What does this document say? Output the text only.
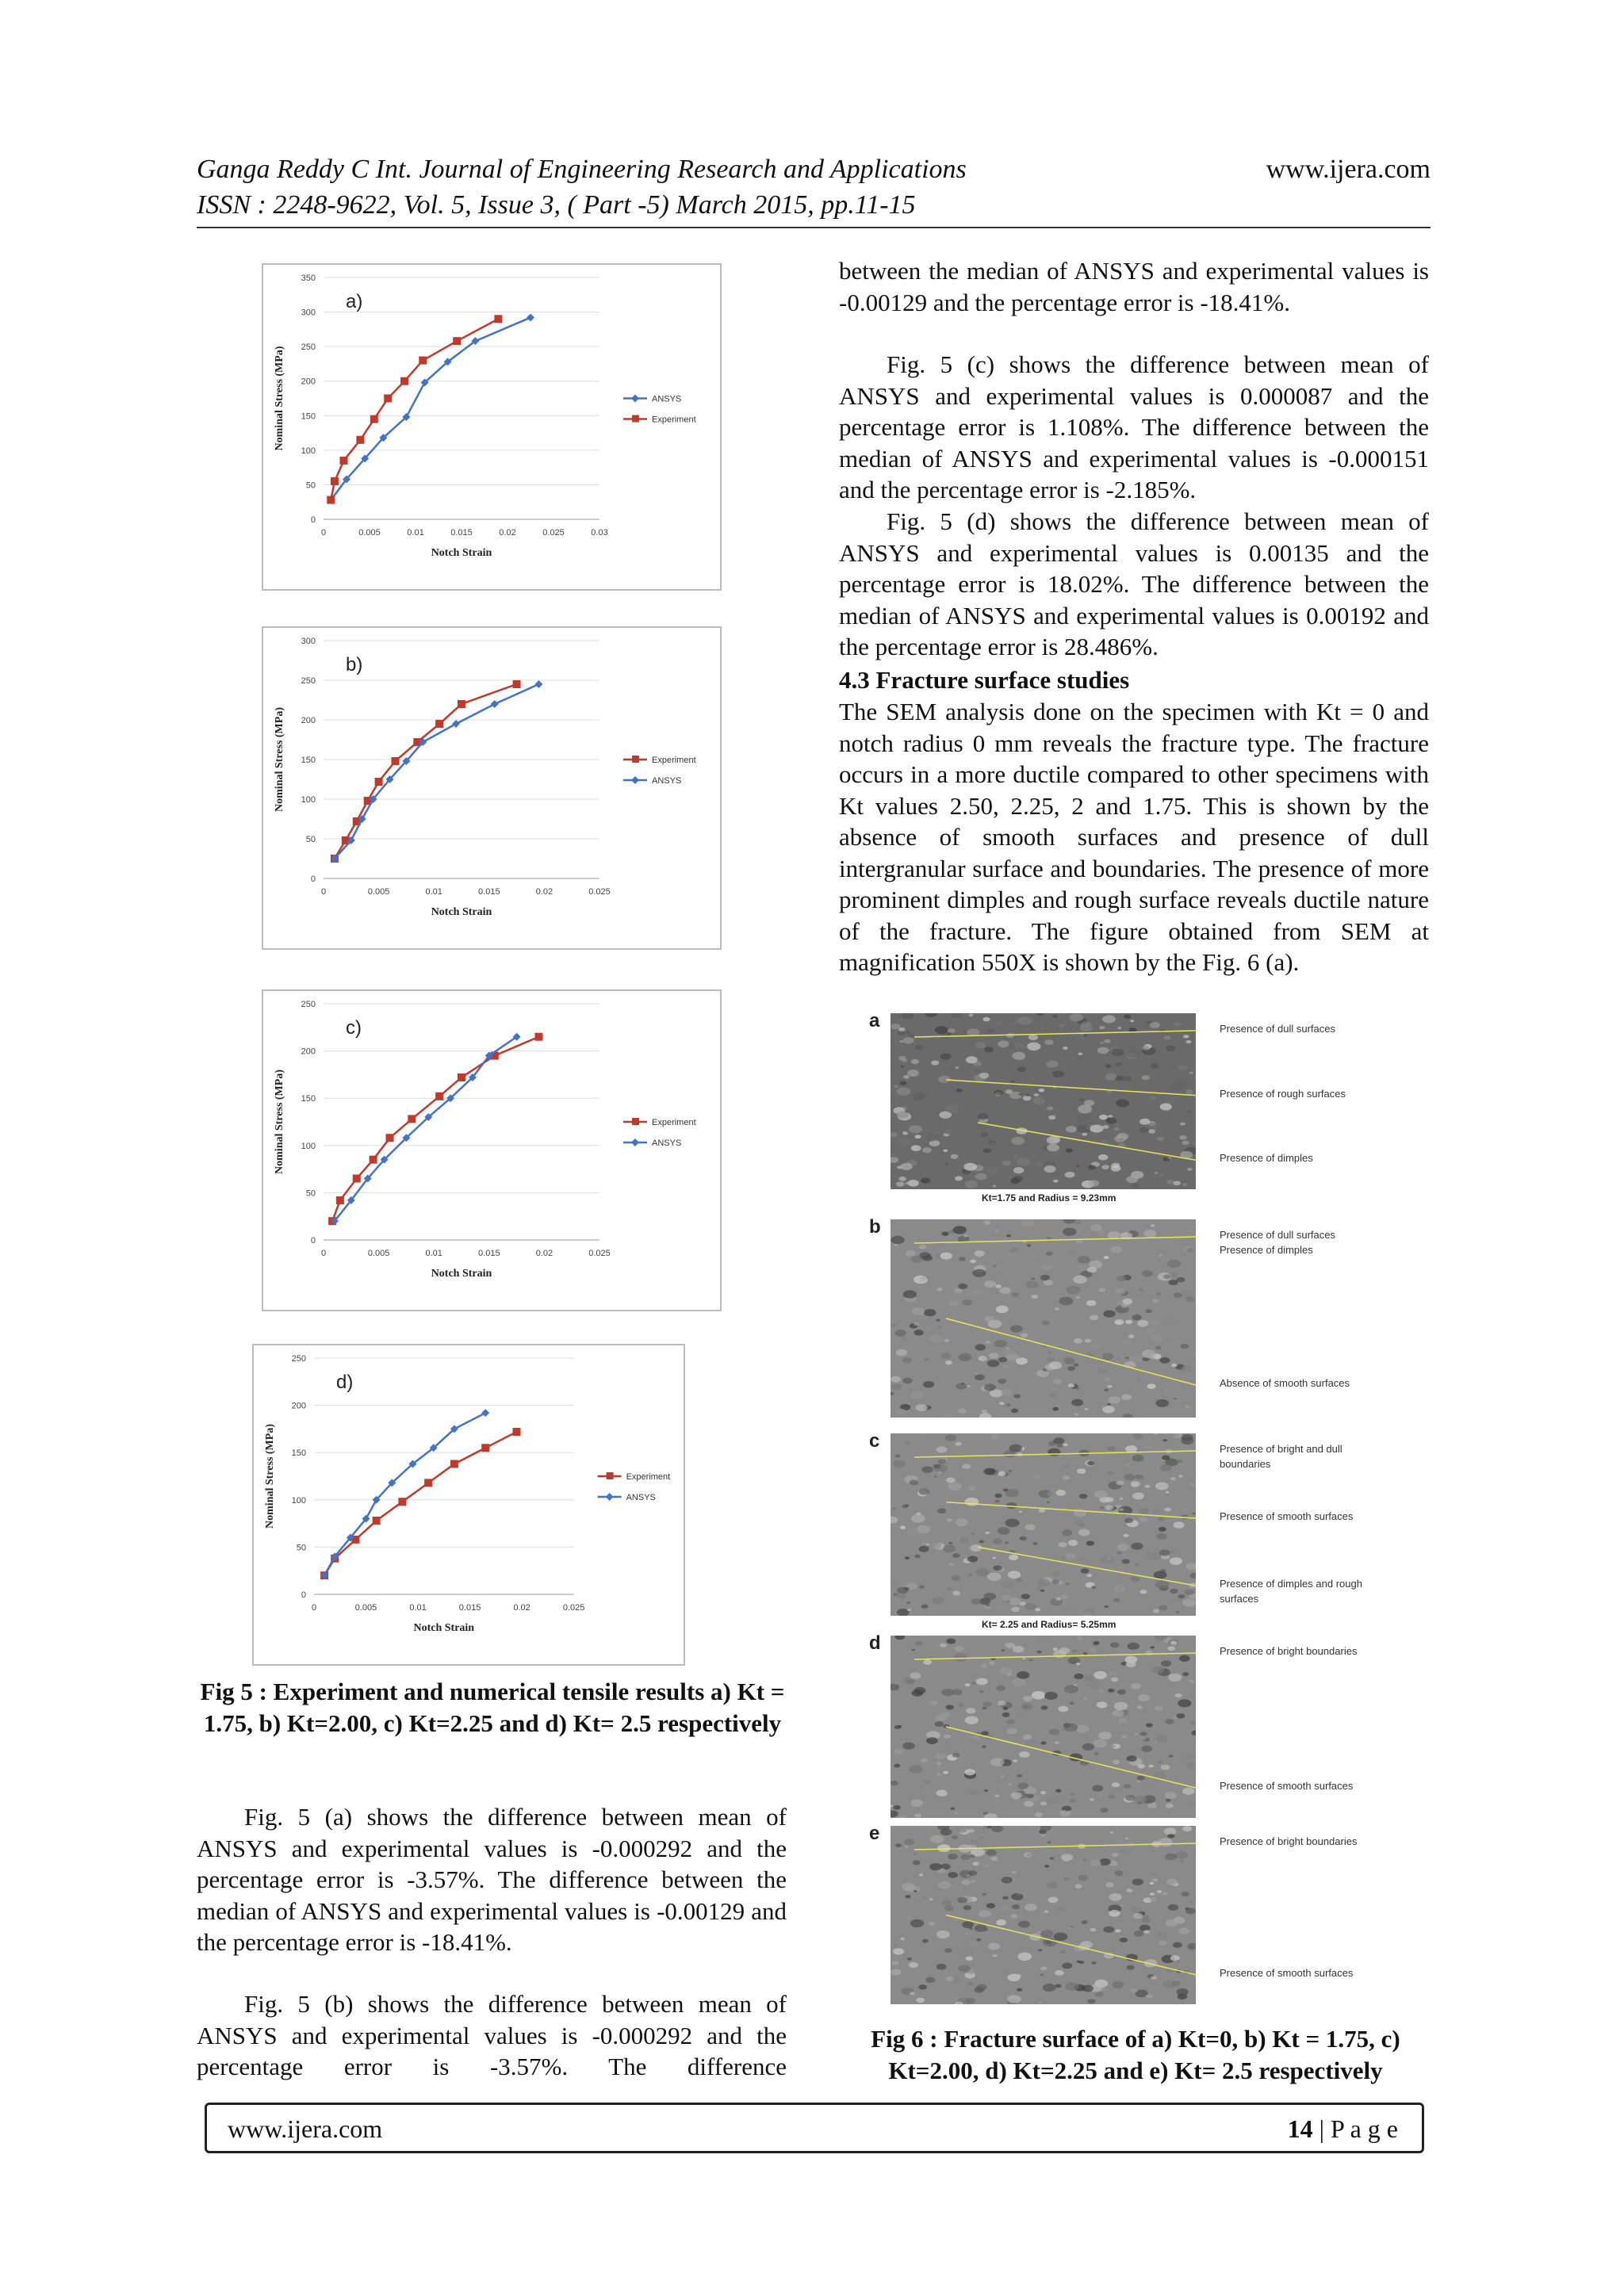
Ganga Reddy C Int. Journal of Engineering Research and Applications	www.ijera.com
ISSN : 2248-9622, Vol. 5, Issue 3, ( Part -5) March 2015, pp.11-15
0
50
100
150
200
250
300
350
0	0.005	0.01	0.015	0.02	0.025	0.03
Notch Strain
Nominal Stress (MPa)
a)
ANSYS
Experiment
0
50
100
150
200
250
300
0	0.005	0.01	0.015	0.02	0.025
Notch Strain
Nominal Stress (MPa)
b)
Experiment
ANSYS
0
50
100
150
200
250
0	0.005	0.01	0.015	0.02	0.025
Notch Strain
Nominal Stress (MPa)
c)
Experiment
ANSYS
0
50
100
150
200
250
0	0.005	0.01	0.015	0.02	0.025
Notch Strain
Nominal Stress (MPa)
d)
Experiment
ANSYS
Fig 5 : Experiment and numerical tensile results a) Kt = 1.75, b) Kt=2.00, c) Kt=2.25 and d) Kt= 2.5 respectively

Fig. 5 (a) shows the difference between mean of ANSYS and experimental values is -0.000292 and the percentage error is -3.57%. The difference between the median of ANSYS and experimental values is -0.00129 and the percentage error is -18.41%.

Fig. 5 (b) shows the difference between mean of ANSYS and experimental values is -0.000292 and the percentage error is -3.57%. The difference

between the median of ANSYS and experimental values is -0.00129 and the percentage error is -18.41%.

Fig. 5 (c) shows the difference between mean of ANSYS and experimental values is 0.000087 and the percentage error is 1.108%. The difference between the median of ANSYS and experimental values is -0.000151 and the percentage error is -2.185%.

Fig. 5 (d) shows the difference between mean of ANSYS and experimental values is 0.00135 and the percentage error is 18.02%. The difference between the median of ANSYS and experimental values is 0.00192 and the percentage error is 28.486%.

4.3 Fracture surface studies

The SEM analysis done on the specimen with Kt = 0 and notch radius 0 mm reveals the fracture type. The fracture occurs in a more ductile compared to other specimens with Kt values 2.50, 2.25, 2 and 1.75. This is shown by the absence of smooth surfaces and presence of dull intergranular surface and boundaries. The presence of more prominent dimples and rough surface reveals ductile nature of the fracture. The figure obtained from SEM at magnification 550X is shown by the Fig. 6 (a).

a	Presence of dull surfaces
Presence of rough surfaces
Presence of dimples
Kt=1.75 and Radius = 9.23mm
b	Presence of dull surfaces Presence of dimples
Absence of smooth surfaces
c	Presence of bright and dull boundaries
Presence of smooth surfaces
Presence of dimples and rough surfaces
Kt= 2.25 and Radius= 5.25mm
d	Presence of bright boundaries
Presence of smooth surfaces
e	Presence of bright boundaries
Presence of smooth surfaces
Fig 6 : Fracture surface of a) Kt=0, b) Kt = 1.75, c) Kt=2.00, d) Kt=2.25 and e) Kt= 2.5 respectively
www.ijera.com	14 | P a g e
